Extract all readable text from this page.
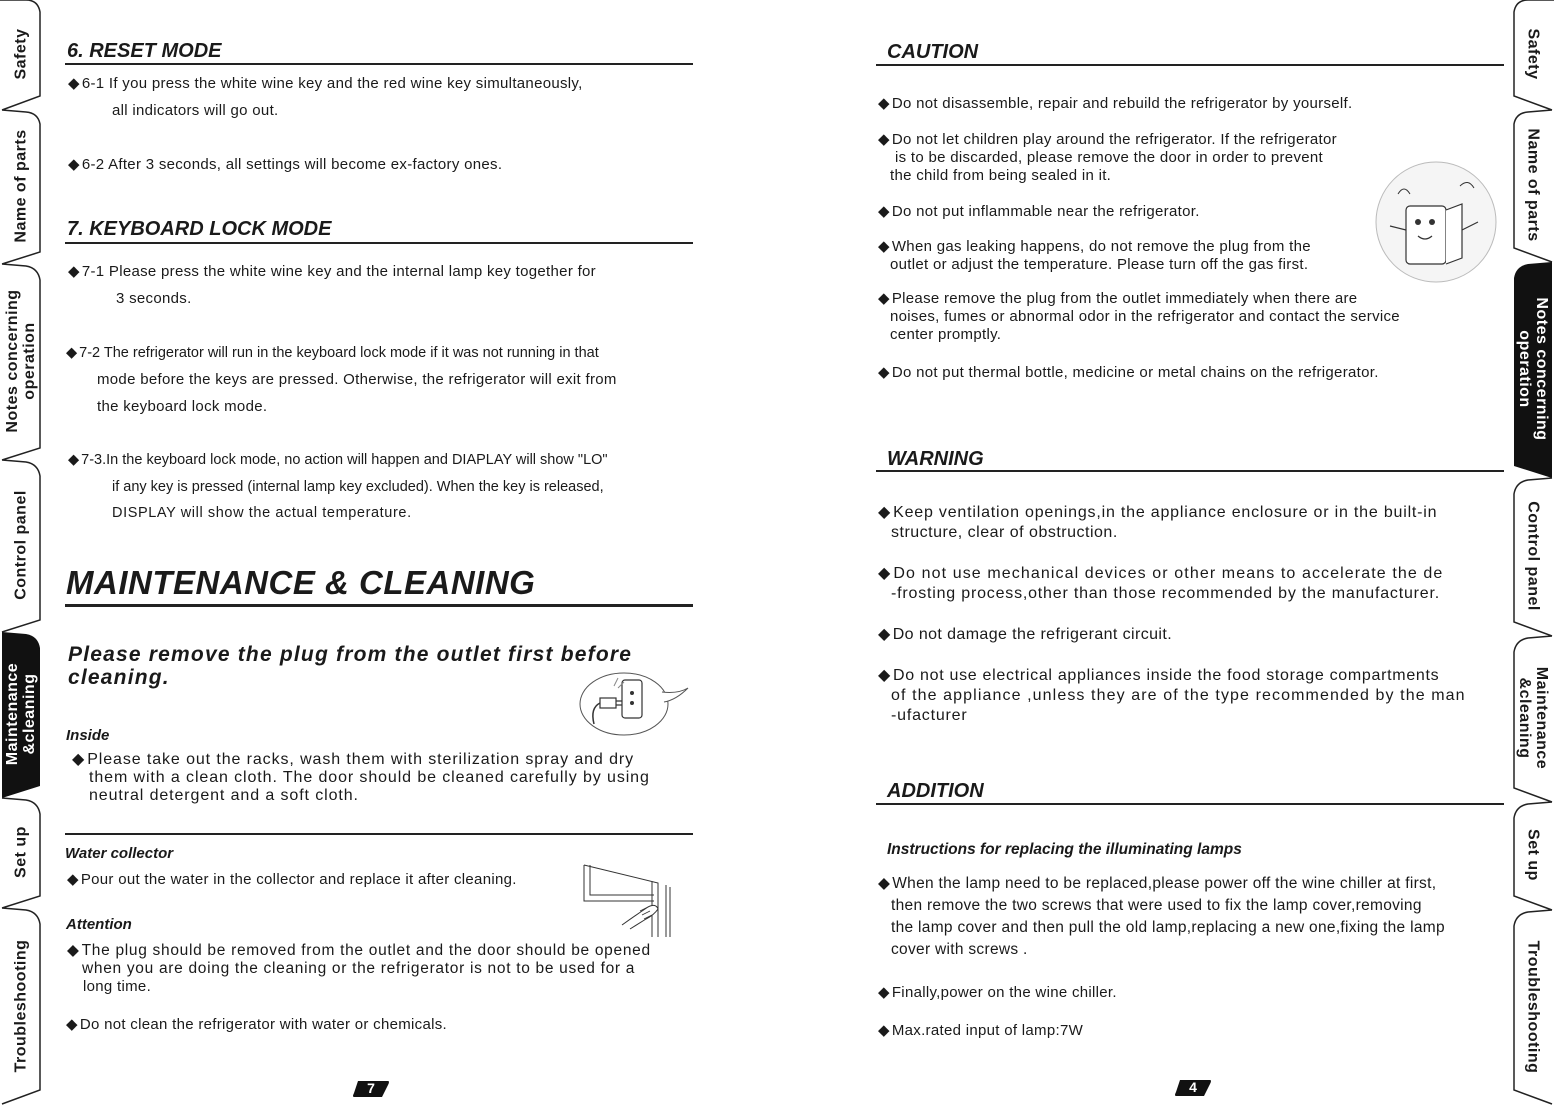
Safety
Name of parts
Notes concerning
operation
Control panel
Maintenance
&cleaning
Set up
Troubleshooting
Safety
Name of parts
Notes concerning
operation
Control panel
Maintenance
&cleaning
Set up
Troubleshooting
6. RESET MODE
◆ 6-1 If you press the white wine key and the red wine key simultaneously,
all indicators will go out.
◆ 6-2 After 3 seconds, all settings will become ex-factory ones.
7. KEYBOARD LOCK MODE
◆ 7-1 Please press the white wine key and the internal lamp key together for
3 seconds.
◆ 7-2 The refrigerator will run in the keyboard lock mode if it was not running in that
mode before the keys are pressed. Otherwise, the refrigerator will exit from
the keyboard lock mode.
◆ 7-3.In the keyboard lock mode, no action will happen and DIAPLAY will show "LO"
if any key is pressed (internal lamp key excluded). When the key is released,
DISPLAY will show the actual temperature.
MAINTENANCE & CLEANING
Please remove the plug from the outlet first before
cleaning.
Inside
◆ Please take out the racks, wash them with sterilization spray and dry
them with a clean cloth. The door should be cleaned carefully by using
neutral detergent and a soft cloth.
Water collector
◆ Pour out the water in the collector and replace it after cleaning.
Attention
◆ The plug should be removed from the outlet and the door should be opened
when you are doing the cleaning or the refrigerator is not to be used for a
long time.
◆ Do not clean the refrigerator with water or chemicals.
7
CAUTION
◆ Do not disassemble, repair and rebuild the refrigerator by yourself.
◆ Do not let children play around the refrigerator. If the refrigerator
is to be discarded, please remove the door in order to prevent
the child from being sealed in it.
◆ Do not put inflammable near the refrigerator.
◆ When gas leaking happens, do not remove the plug from the
outlet or adjust the temperature. Please turn off the gas first.
◆ Please remove the plug from the outlet immediately when there are
noises, fumes or abnormal odor in the refrigerator and contact the service
center promptly.
◆ Do not put thermal bottle, medicine or metal chains on the refrigerator.
WARNING
◆ Keep ventilation openings,in the appliance enclosure or in the built-in
structure, clear of obstruction.
◆ Do not use mechanical devices or other means to accelerate the de
-frosting process,other than those recommended by the manufacturer.
◆ Do not damage the refrigerant circuit.
◆ Do not use electrical appliances inside the food storage compartments
of the appliance ,unless they are of the type recommended by the man
-ufacturer
ADDITION
Instructions for replacing the illuminating lamps
◆ When the lamp need to be replaced,please power off the wine chiller at first,
then remove the two screws that were used to fix the lamp cover,removing
the lamp cover and then pull the old lamp,replacing a new one,fixing the lamp
cover with screws .
◆ Finally,power on the wine chiller.
◆ Max.rated input of lamp:7W
4
